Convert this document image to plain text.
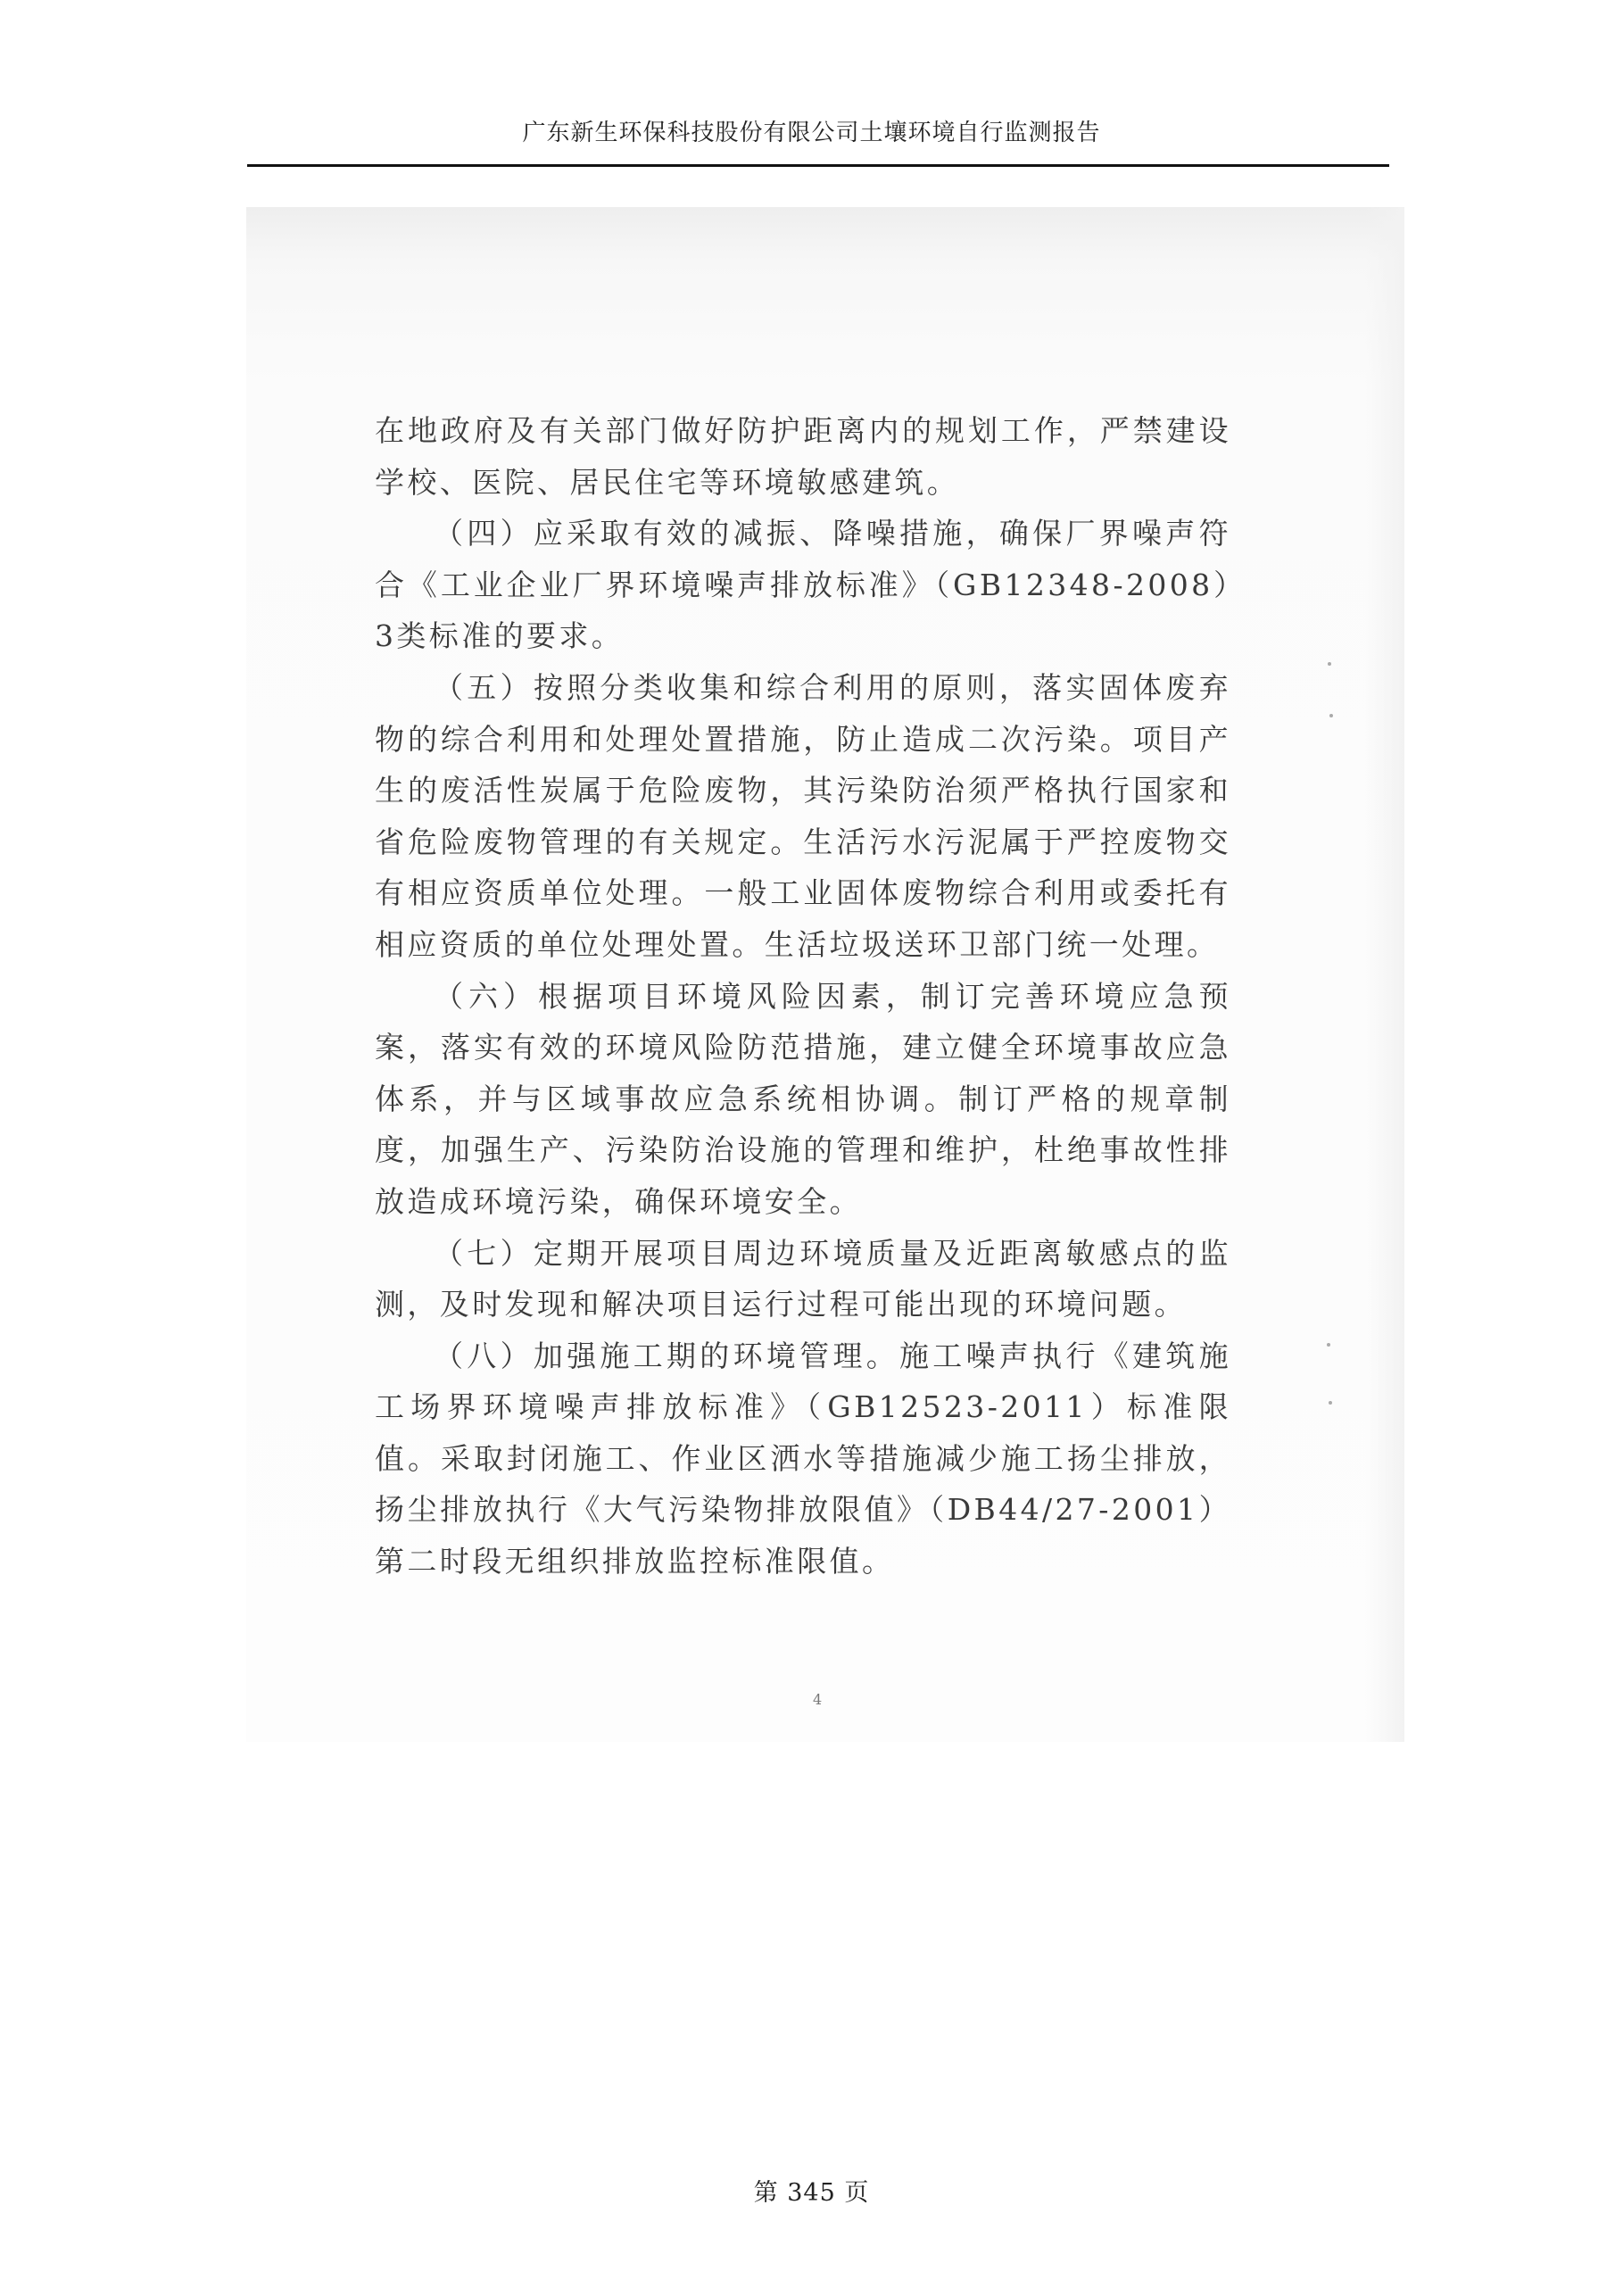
广东新生环保科技股份有限公司土壤环境自行监测报告

在地政府及有关部门做好防护距离内的规划工作，严禁建设学校、医院、居民住宅等环境敏感建筑。

（四）应采取有效的减振、降噪措施，确保厂界噪声符合《工业企业厂界环境噪声排放标准》（GB12348-2008）3类标准的要求。

（五）按照分类收集和综合利用的原则，落实固体废弃物的综合利用和处理处置措施，防止造成二次污染。项目产生的废活性炭属于危险废物，其污染防治须严格执行国家和省危险废物管理的有关规定。生活污水污泥属于严控废物交有相应资质单位处理。一般工业固体废物综合利用或委托有相应资质的单位处理处置。生活垃圾送环卫部门统一处理。

（六）根据项目环境风险因素，制订完善环境应急预案，落实有效的环境风险防范措施，建立健全环境事故应急体系，并与区域事故应急系统相协调。制订严格的规章制度，加强生产、污染防治设施的管理和维护，杜绝事故性排放造成环境污染，确保环境安全。

（七）定期开展项目周边环境质量及近距离敏感点的监测，及时发现和解决项目运行过程可能出现的环境问题。

（八）加强施工期的环境管理。施工噪声执行《建筑施工场界环境噪声排放标准》（GB12523-2011）标准限值。采取封闭施工、作业区洒水等措施减少施工扬尘排放，扬尘排放执行《大气污染物排放限值》（DB44/27-2001）第二时段无组织排放监控标准限值。

4
第 345 页
